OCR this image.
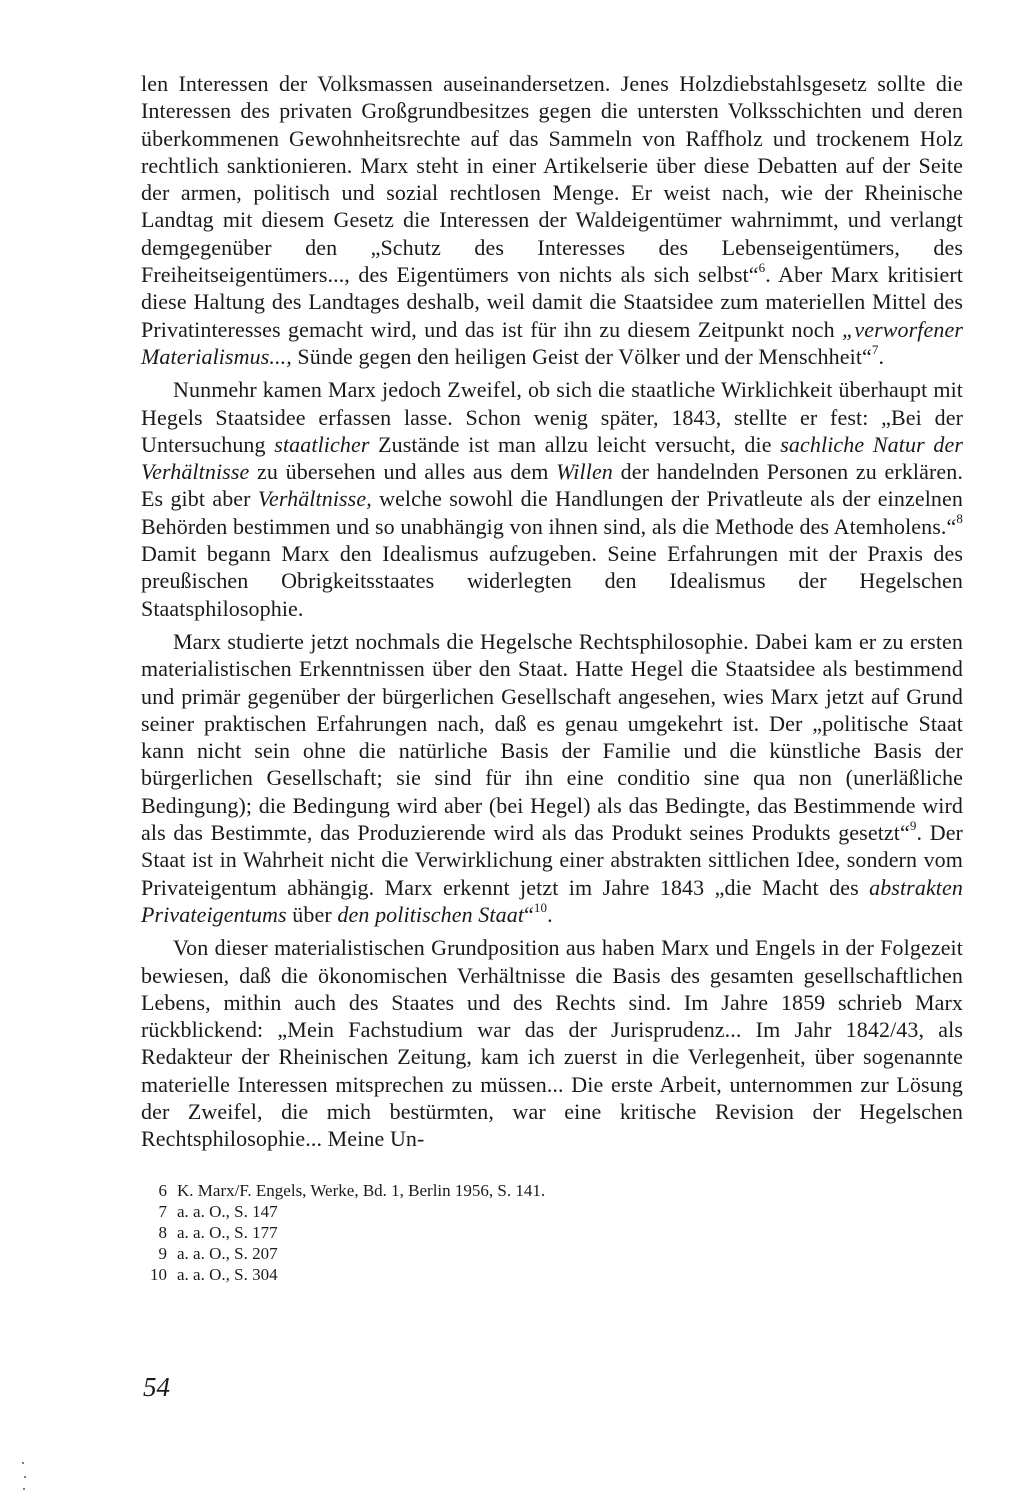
len Interessen der Volksmassen auseinandersetzen. Jenes Holzdiebstahlsgesetz sollte die Interessen des privaten Großgrundbesitzes gegen die untersten Volksschichten und deren überkommenen Gewohnheitsrechte auf das Sammeln von Raffholz und trockenem Holz rechtlich sanktionieren. Marx steht in einer Artikelserie über diese Debatten auf der Seite der armen, politisch und sozial rechtlosen Menge. Er weist nach, wie der Rheinische Landtag mit diesem Gesetz die Interessen der Waldeigentümer wahrnimmt, und verlangt demgegenüber den „Schutz des Interesses des Lebenseigentümers, des Freiheitseigentümers..., des Eigentümers von nichts als sich selbst“$^6$. Aber Marx kritisiert diese Haltung des Landtages deshalb, weil damit die Staatsidee zum materiellen Mittel des Privatinteresses gemacht wird, und das ist für ihn zu diesem Zeitpunkt noch „verworfener Materialismus..., Sünde gegen den heiligen Geist der Völker und der Menschheit“$^7$.

Nunmehr kamen Marx jedoch Zweifel, ob sich die staatliche Wirklichkeit überhaupt mit Hegels Staatsidee erfassen lasse. Schon wenig später, 1843, stellte er fest: „Bei der Untersuchung staatlicher Zustände ist man allzu leicht versucht, die sachliche Natur der Verhältnisse zu übersehen und alles aus dem Willen der handelnden Personen zu erklären. Es gibt aber Verhältnisse, welche sowohl die Handlungen der Privatleute als der einzelnen Behörden bestimmen und so unabhängig von ihnen sind, als die Methode des Atemholens.“$^8$ Damit begann Marx den Idealismus aufzugeben. Seine Erfahrungen mit der Praxis des preußischen Obrigkeitsstaates widerlegten den Idealismus der Hegelschen Staatsphilosophie.

Marx studierte jetzt nochmals die Hegelsche Rechtsphilosophie. Dabei kam er zu ersten materialistischen Erkenntnissen über den Staat. Hatte Hegel die Staatsidee als bestimmend und primär gegenüber der bürgerlichen Gesellschaft angesehen, wies Marx jetzt auf Grund seiner praktischen Erfahrungen nach, daß es genau umgekehrt ist. Der „politische Staat kann nicht sein ohne die natürliche Basis der Familie und die künstliche Basis der bürgerlichen Gesellschaft; sie sind für ihn eine conditio sine qua non (unerläßliche Bedingung); die Bedingung wird aber (bei Hegel) als das Bedingte, das Bestimmende wird als das Bestimmte, das Produzierende wird als das Produkt seines Produkts gesetzt“$^9$. Der Staat ist in Wahrheit nicht die Verwirklichung einer abstrakten sittlichen Idee, sondern vom Privateigentum abhängig. Marx erkennt jetzt im Jahre 1843 „die Macht des abstrakten Privateigentums über den politischen Staat“$^{10}$.

Von dieser materialistischen Grundposition aus haben Marx und Engels in der Folgezeit bewiesen, daß die ökonomischen Verhältnisse die Basis des gesamten gesellschaftlichen Lebens, mithin auch des Staates und des Rechts sind. Im Jahre 1859 schrieb Marx rückblickend: „Mein Fachstudium war das der Jurisprudenz... Im Jahr 1842/43, als Redakteur der Rheinischen Zeitung, kam ich zuerst in die Verlegenheit, über sogenannte materielle Interessen mitsprechen zu müssen... Die erste Arbeit, unternommen zur Lösung der Zweifel, die mich bestürmten, war eine kritische Revision der Hegelschen Rechtsphilosophie... Meine Un-

6 K. Marx/F. Engels, Werke, Bd. 1, Berlin 1956, S. 141.
7 a. a. O., S. 147
8 a. a. O., S. 177
9 a. a. O., S. 207
10 a. a. O., S. 304
54
